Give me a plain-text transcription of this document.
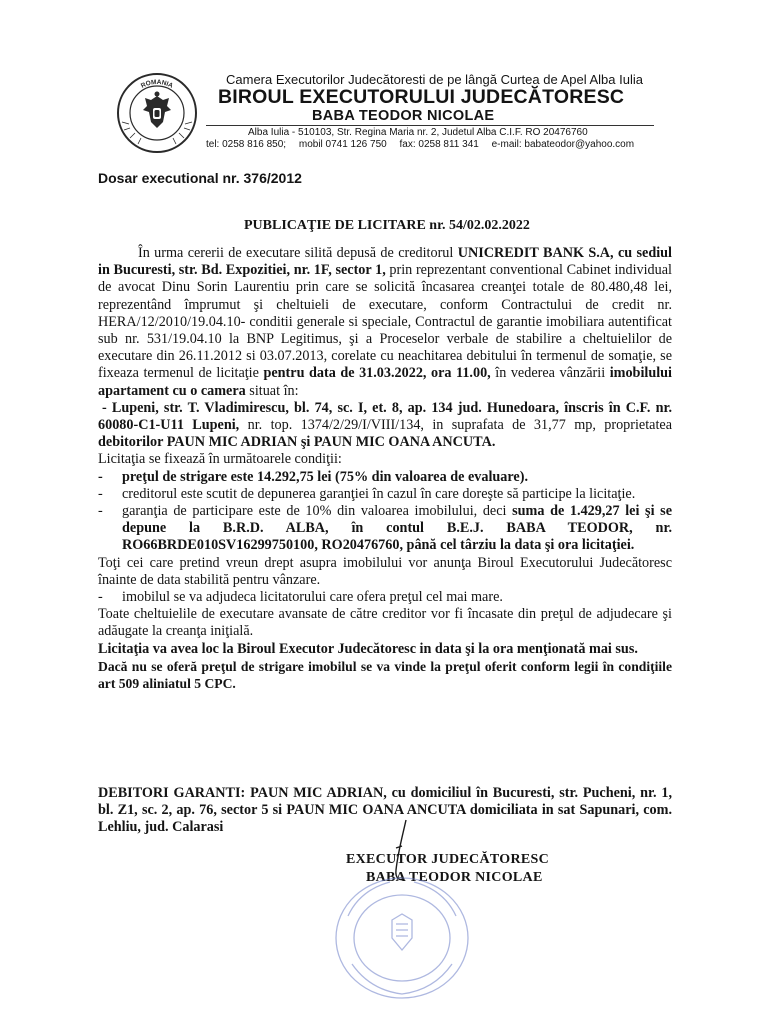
ROMANIA	Camera Executorilor Judecătoresti de pe lângă Curtea de Apel Alba Iulia
BIROUL EXECUTORULUI JUDECĂTORESC
BABA TEODOR NICOLAE
Alba Iulia - 510103, Str. Regina Maria nr. 2, Judetul Alba C.I.F. RO 20476760
tel: 0258 816 850; mobil 0741 126 750 fax: 0258 811 341 e-mail: babateodor@yahoo.com
Dosar executional nr. 376/2012
PUBLICAŢIE DE LICITARE nr. 54/02.02.2022

În urma cererii de executare silită depusă de creditorul UNICREDIT BANK S.A, cu sediul in Bucuresti, str. Bd. Expozitiei, nr. 1F, sector 1, prin reprezentant conventional Cabinet individual de avocat Dinu Sorin Laurentiu prin care se solicită încasarea creanţei totale de 80.480,48 lei, reprezentând împrumut şi cheltuieli de executare, conform Contractului de credit nr. HERA/12/2010/19.04.10- conditii generale si speciale, Contractul de garantie imobiliara autentificat sub nr. 531/19.04.10 la BNP Legitimus, şi a Proceselor verbale de stabilire a cheltuielilor de executare din 26.11.2012 si 03.07.2013, corelate cu neachitarea debitului în termenul de somaţie, se fixeaza termenul de licitaţie pentru data de 31.03.2022, ora 11.00, în vederea vânzării imobilului apartament cu o camera situat în:

- Lupeni, str. T. Vladimirescu, bl. 74, sc. I, et. 8, ap. 134 jud. Hunedoara, înscris în C.F. nr. 60080-C1-U11 Lupeni, nr. top. 1374/2/29/I/VIII/134, in suprafata de 31,77 mp, proprietatea debitorilor PAUN MIC ADRIAN şi PAUN MIC OANA ANCUTA.

Licitaţia se fixează în următoarele condiţii:

- preţul de strigare este 14.292,75 lei (75% din valoarea de evaluare).
- creditorul este scutit de depunerea garanţiei în cazul în care doreşte să participe la licitaţie.
- garanţia de participare este de 10% din valoarea imobilului, deci suma de 1.429,27 lei şi se depune la B.R.D. ALBA, în contul B.E.J. BABA TEODOR, nr. RO66BRDE010SV16299750100, RO20476760, până cel târziu la data şi ora licitaţiei.

Toţi cei care pretind vreun drept asupra imobilului vor anunţa Biroul Executorului Judecătoresc înainte de data stabilită pentru vânzare.

- imobilul se va adjudeca licitatorului care ofera preţul cel mai mare.

Toate cheltuielile de executare avansate de către creditor vor fi încasate din preţul de adjudecare şi adăugate la creanţa iniţială.

Licitaţia va avea loc la Biroul Executor Judecătoresc in data şi la ora menţionată mai sus.

Dacă nu se oferă preţul de strigare imobilul se va vinde la preţul oferit conform legii în condiţiile art 509 aliniatul 5 CPC.

DEBITORI GARANTI: PAUN MIC ADRIAN, cu domiciliul în Bucuresti, str. Pucheni, nr. 1, bl. Z1, sc. 2, ap. 76, sector 5 si PAUN MIC OANA ANCUTA domiciliata in sat Sapunari, com. Lehliu, jud. Calarasi
EXECUTOR JUDECĂTORESC
BABA TEODOR NICOLAE
